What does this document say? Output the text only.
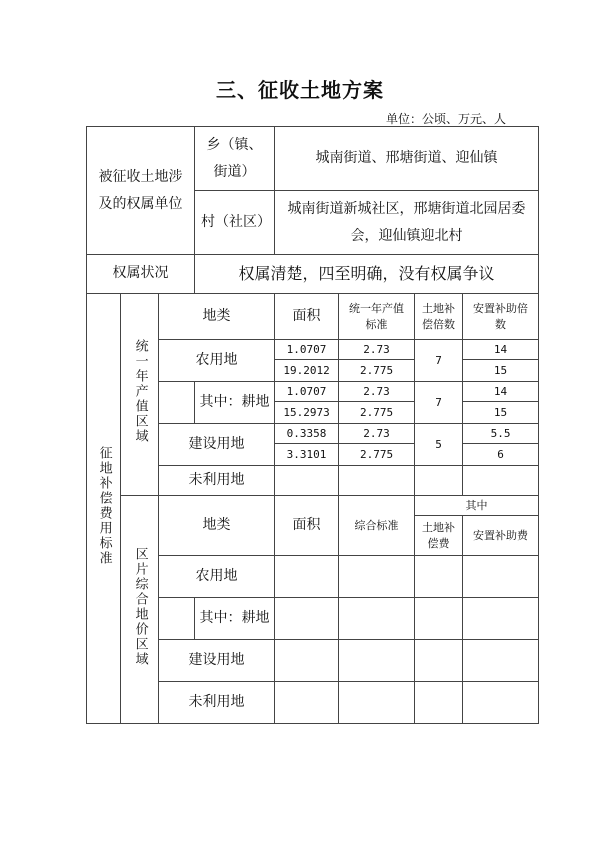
三、征收土地方案
单位：公顷、万元、人
被征收土地涉及的权属单位			乡（镇、街道）	城南街道、邢塘街道、迎仙镇			
			村（社区）	城南街道新城社区，邢塘街道北园居委会，迎仙镇迎北村			
权属状况			权属清楚，四至明确，没有权属争议				
征地补偿费用标准	统一年产值区域	地类		面积	统一年产值标准	土地补偿倍数	安置补助倍数
		农用地		1.0707	2.73	7	14
				19.2012	2.775		15
			其中：耕地	1.0707	2.73	7	14
				15.2973	2.775		15
		建设用地		0.3358	2.73	5	5.5
				3.3101	2.775		6
		未利用地					
	区片综合地价区域	地类		面积	综合标准	其中	
						土地补偿费	安置补助费
		农用地					
			其中：耕地				
		建设用地					
		未利用地					
